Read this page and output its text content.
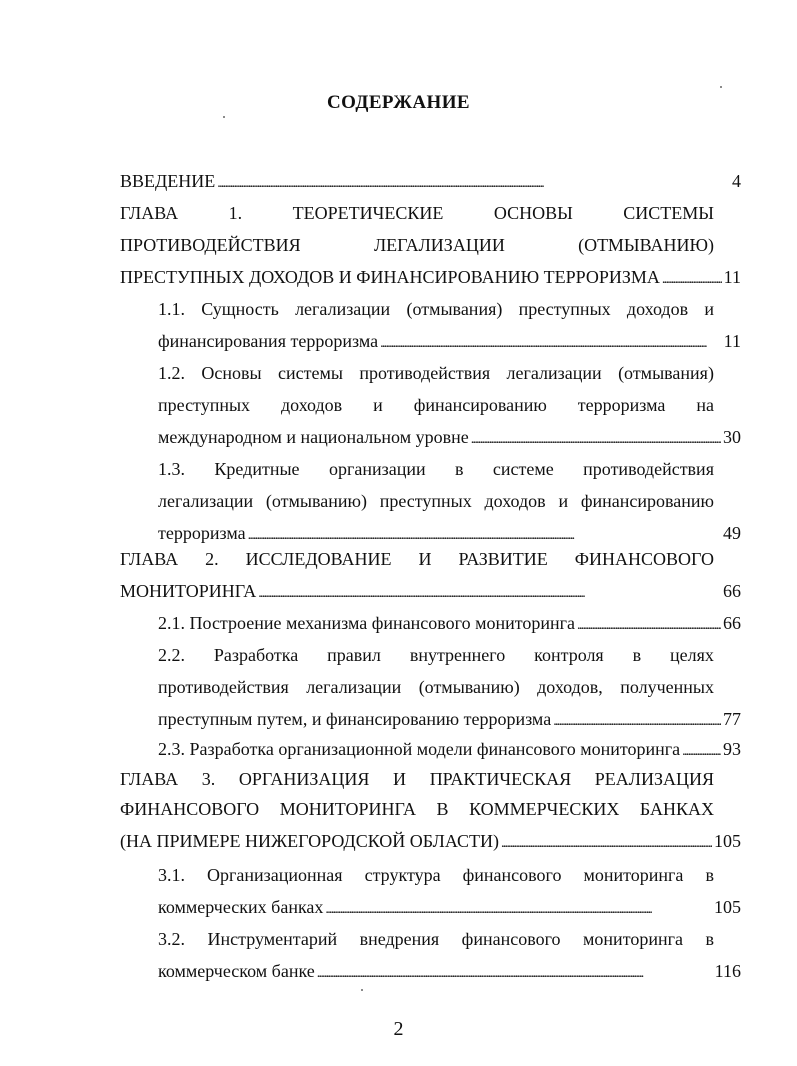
СОДЕРЖАНИЕ
ВВЕДЕНИЕ . . .	4
ГЛАВА	1.	ТЕОРЕТИЧЕСКИЕ	ОСНОВЫ	СИСТЕМЫ
ПРОТИВОДЕЙСТВИЯ	ЛЕГАЛИЗАЦИИ	(ОТМЫВАНИЮ)
ПРЕСТУПНЫХ ДОХОДОВ И ФИНАНСИРОВАНИЮ ТЕРРОРИЗМА . . .	11
1.1. Сущность легализации (отмывания) преступных доходов и
финансирования терроризма . . .	11
1.2. Основы системы противодействия легализации (отмывания)
преступных доходов и финансированию терроризма на
международном и национальном уровне . . .	30
1.3. Кредитные организации в системе противодействия
легализации (отмыванию) преступных доходов и финансированию
терроризма . . .	49
ГЛАВА 2. ИССЛЕДОВАНИЕ И РАЗВИТИЕ ФИНАНСОВОГО
МОНИТОРИНГА . . .	66
2.1. Построение механизма финансового мониторинга . . .	66
2.2. Разработка правил внутреннего контроля в целях
противодействия легализации (отмыванию) доходов, полученных
преступным путем, и финансированию терроризма . . .	77
2.3. Разработка организационной модели финансового мониторинга . . . 93
ГЛАВА 3. ОРГАНИЗАЦИЯ И ПРАКТИЧЕСКАЯ РЕАЛИЗАЦИЯ
ФИНАНСОВОГО МОНИТОРИНГА В КОММЕРЧЕСКИХ БАНКАХ
(НА ПРИМЕРЕ НИЖЕГОРОДСКОЙ ОБЛАСТИ) . . .	105
3.1. Организационная структура финансового мониторинга в
коммерческих банках . . .	105
3.2. Инструментарий внедрения финансового мониторинга в
коммерческом банке . . .	116
2
